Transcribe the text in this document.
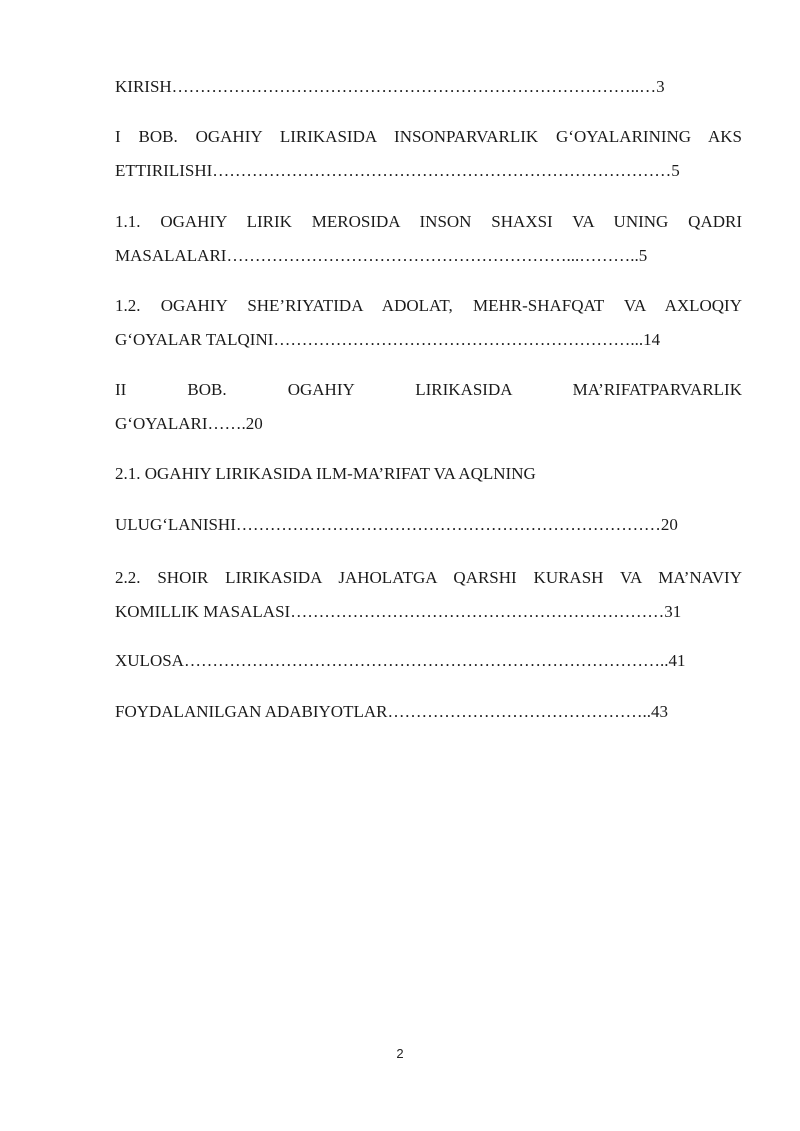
KIRISH………………………………………………………………………..…3
I BOB. OGAHIY LIRIKASIDA INSONPARVARLIK G‘OYALARINING AKS
ETTIRILISHI………………………………………………………………………5
1.1. OGAHIY LIRIK MEROSIDA INSON SHAXSI VA UNING QADRI
MASALALARI……………………………………………………...………..5
1.2. OGAHIY SHE’RIYATIDA ADOLAT, MEHR-SHAFQAT VA AXLOQIY
G‘OYALAR TALQINI………………………………………………………...14
II BOB. OGAHIY LIRIKASIDA MA’RIFATPARVARLIK
G‘OYALARI…….20
2.1. OGAHIY LIRIKASIDA ILM-MA’RIFAT VA AQLNING
ULUG‘LANISHI…………………………………………………………………20
2.2. SHOIR LIRIKASIDA JAHOLATGA QARSHI KURASH VA MA’NAVIY
KOMILLIK MASALASI…………………………………………………………31
XULOSA…………………………………………………………………………..41
FOYDALANILGAN ADABIYOTLAR………………………………………..43
2
